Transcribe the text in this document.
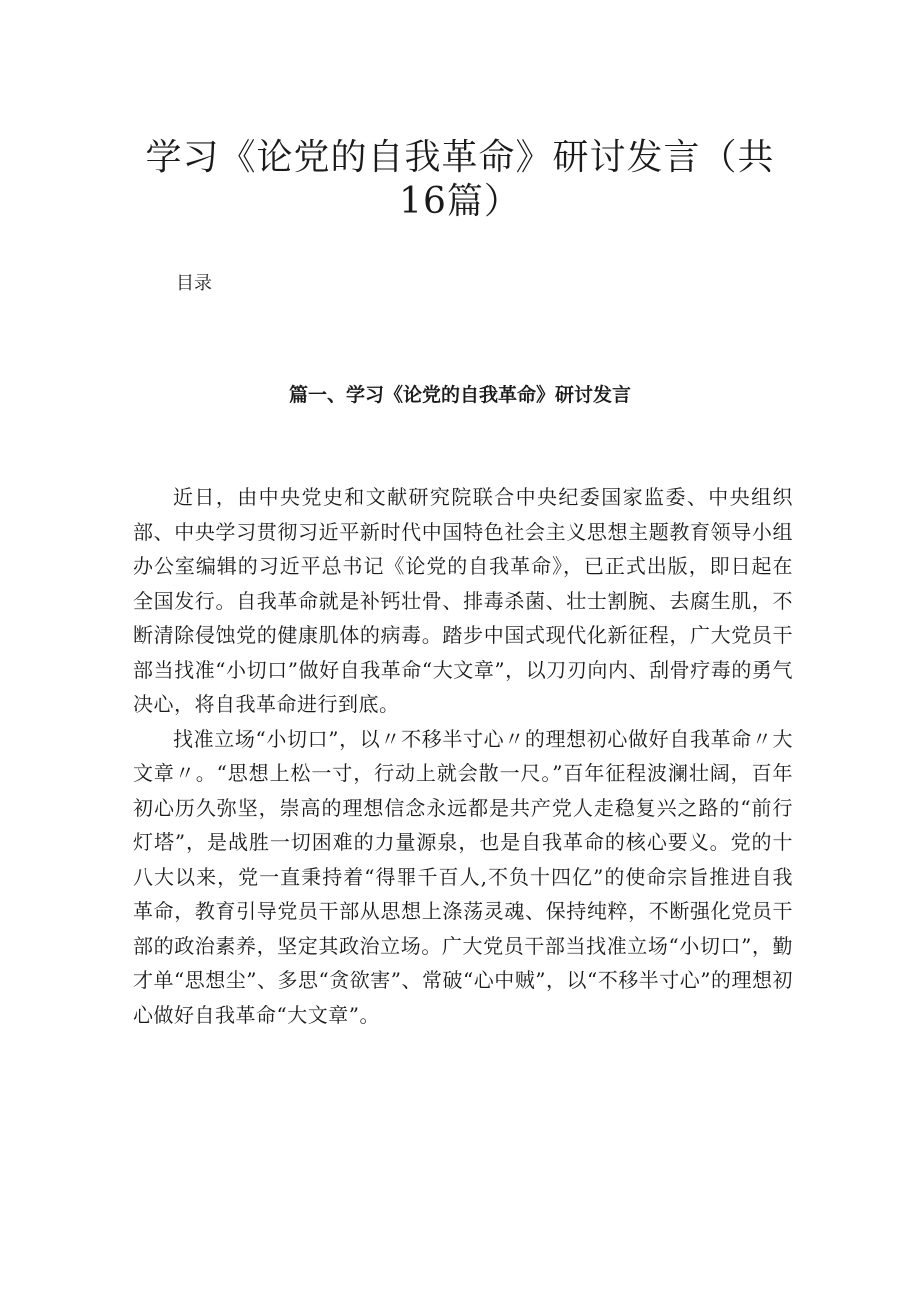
学习《论党的自我革命》研讨发言（共16篇）

目录

篇一、学习《论党的自我革命》研讨发言

近日，由中央党史和文献研究院联合中央纪委国家监委、中央组织部、中央学习贯彻习近平新时代中国特色社会主义思想主题教育领导小组办公室编辑的习近平总书记《论党的自我革命》，已正式出版，即日起在全国发行。自我革命就是补钙壮骨、排毒杀菌、壮士割腕、去腐生肌，不断清除侵蚀党的健康肌体的病毒。踏步中国式现代化新征程，广大党员干部当找准“小切口”做好自我革命“大文章”，以刀刃向内、刮骨疗毒的勇气决心，将自我革命进行到底。

找准立场“小切口”，以〃不移半寸心〃的理想初心做好自我革命〃大文章〃。“思想上松一寸，行动上就会散一尺。”百年征程波澜壮阔，百年初心历久弥坚，崇高的理想信念永远都是共产党人走稳复兴之路的“前行灯塔”，是战胜一切困难的力量源泉，也是自我革命的核心要义。党的十八大以来，党一直秉持着“得罪千百人,不负十四亿”的使命宗旨推进自我革命，教育引导党员干部从思想上涤荡灵魂、保持纯粹，不断强化党员干部的政治素养，坚定其政治立场。广大党员干部当找准立场“小切口”，勤才单“思想尘”、多思“贪欲害”、常破“心中贼”，以“不移半寸心”的理想初心做好自我革命“大文章”。
